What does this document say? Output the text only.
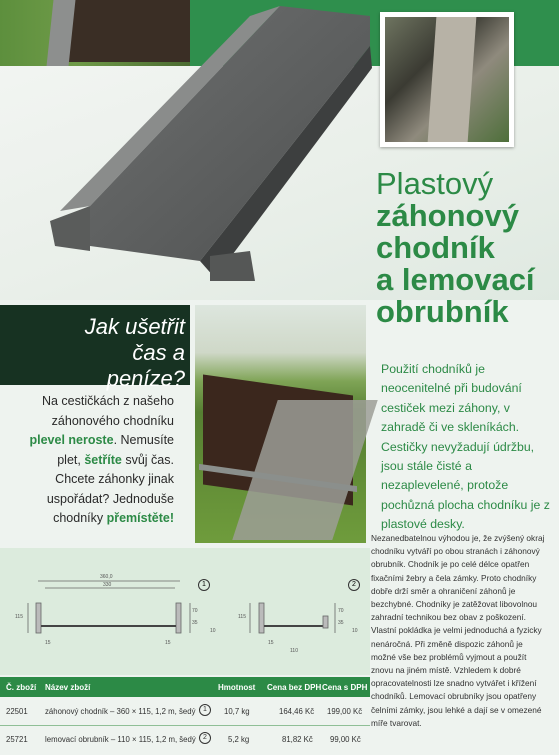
Plastový
záhonový
chodník
a lemovací
obrubník
Jak ušetřit
čas a peníze?
Na cestičkách z našeho záhonového chodníku plevel neroste. Nemusíte plet, šetříte svůj čas. Chcete záhonky jinak uspořádat? Jednoduše chodníky přemístěte!
Použití chodníků je neocenitelné při budování cestiček mezi záhony, v zahradě či ve skleníkách. Cestičky nevyžadují údržbu, jsou stále čisté a nezaplevelené, protože pochůzná plocha chodníku je z plastové desky.
Nezanedbatelnou výhodou je, že zvýšený okraj chodníku vytváří po obou stranách i záhonový obrubník. Chodník je po celé délce opatřen fixačními žebry a čela zámky. Proto chodníky dobře drží směr a ohraničení záhonů je bezchybné. Chodníky je zatěžovat libovolnou zahradní technikou bez obav z poškození. Vlastní pokládka je velmi jednoduchá a fyzicky nenáročná. Při změně dispozic záhonů je možné vše bez problémů vyjmout a použít znovu na jiném místě. Vzhledem k dobré opracovatelnosti lze snadno vytvářet i křížení chodníků. Lemovací obrubníky jsou opatřeny čelními zámky, jsou lehké a dají se v omezené míře tvarovat.
1	2
360,0
330
115
70
35
10
15	15
115
70
35
10
15
110
Č. zboží Název zboží	Hmotnost Cena bez DPH Cena s DPH
22501 záhonový chodník – 360 × 115, 1,2 m, šedý	1	10,7 kg	164,46 Kč 199,00 Kč
25721 lemovací obrubník – 110 × 115, 1,2 m, šedý	2	5,2 kg	81,82 Kč 99,00 Kč
